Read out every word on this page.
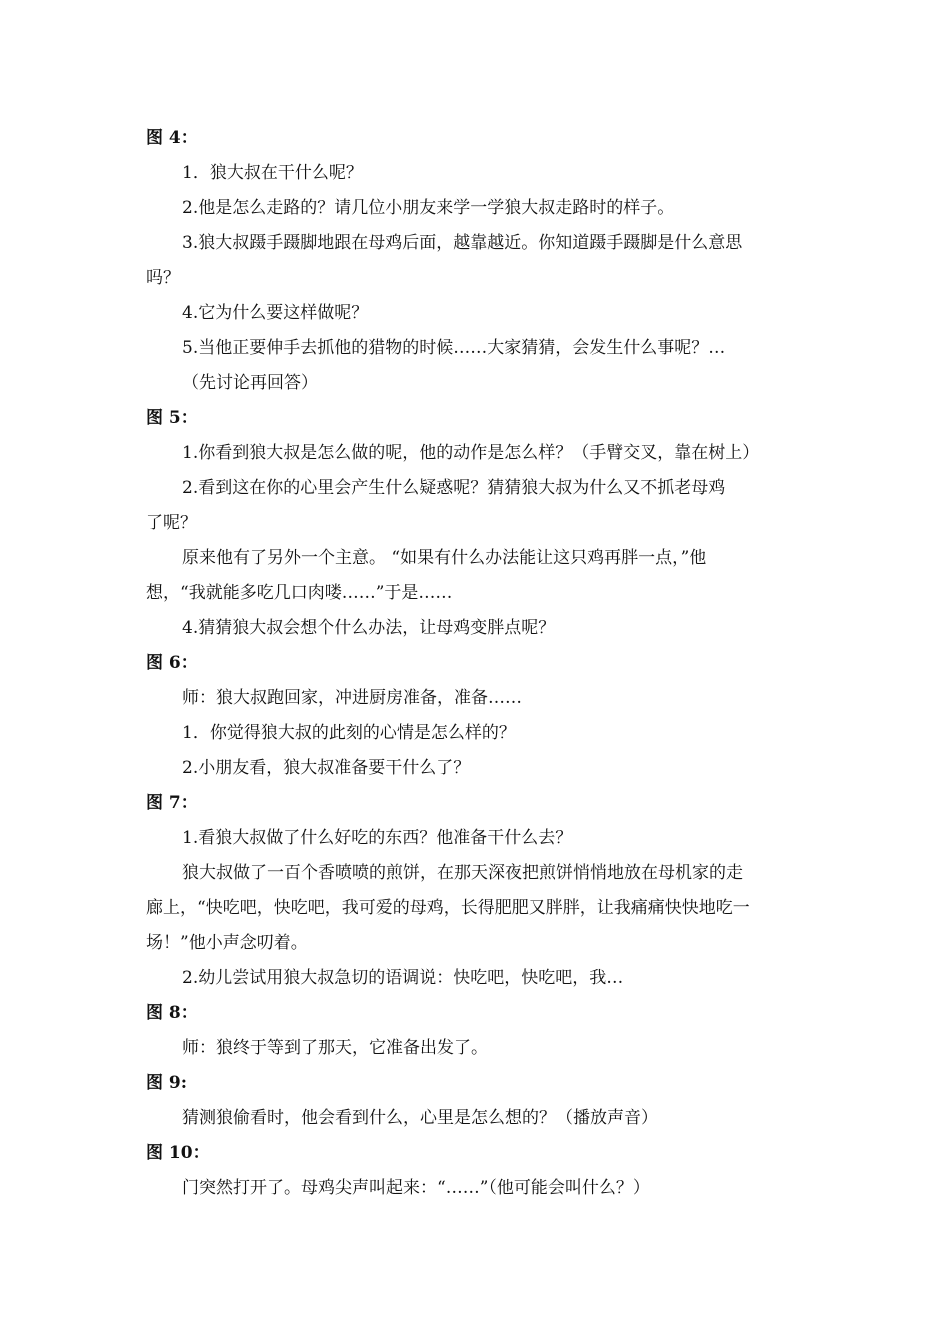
图 4：
1．狼大叔在干什么呢？
2.他是怎么走路的？请几位小朋友来学一学狼大叔走路时的样子。
3.狼大叔蹑手蹑脚地跟在母鸡后面，越靠越近。你知道蹑手蹑脚是什么意思
吗？
4.它为什么要这样做呢？
5.当他正要伸手去抓他的猎物的时候……大家猜猜，会发生什么事呢？…
（先讨论再回答）
图 5：
1.你看到狼大叔是怎么做的呢，他的动作是怎么样？（手臂交叉，靠在树上）
2.看到这在你的心里会产生什么疑惑呢？猜猜狼大叔为什么又不抓老母鸡
了呢？
原来他有了另外一个主意。 “如果有什么办法能让这只鸡再胖一点，”他
想，“我就能多吃几口肉喽……”于是……
4.猜猜狼大叔会想个什么办法，让母鸡变胖点呢？
图 6：
师：狼大叔跑回家，冲进厨房准备，准备……
1．你觉得狼大叔的此刻的心情是怎么样的？
2.小朋友看，狼大叔准备要干什么了？
图 7：
1.看狼大叔做了什么好吃的东西？他准备干什么去？
狼大叔做了一百个香喷喷的煎饼，在那天深夜把煎饼悄悄地放在母机家的走
廊上，“快吃吧，快吃吧，我可爱的母鸡，长得肥肥又胖胖，让我痛痛快快地吃一
场！”他小声念叨着。
2.幼儿尝试用狼大叔急切的语调说：快吃吧，快吃吧，我…
图 8：
师：狼终于等到了那天，它准备出发了。
图 9:
猜测狼偷看时，他会看到什么，心里是怎么想的？（播放声音）
图 10：
门突然打开了。母鸡尖声叫起来：“……”（他可能会叫什么？）
